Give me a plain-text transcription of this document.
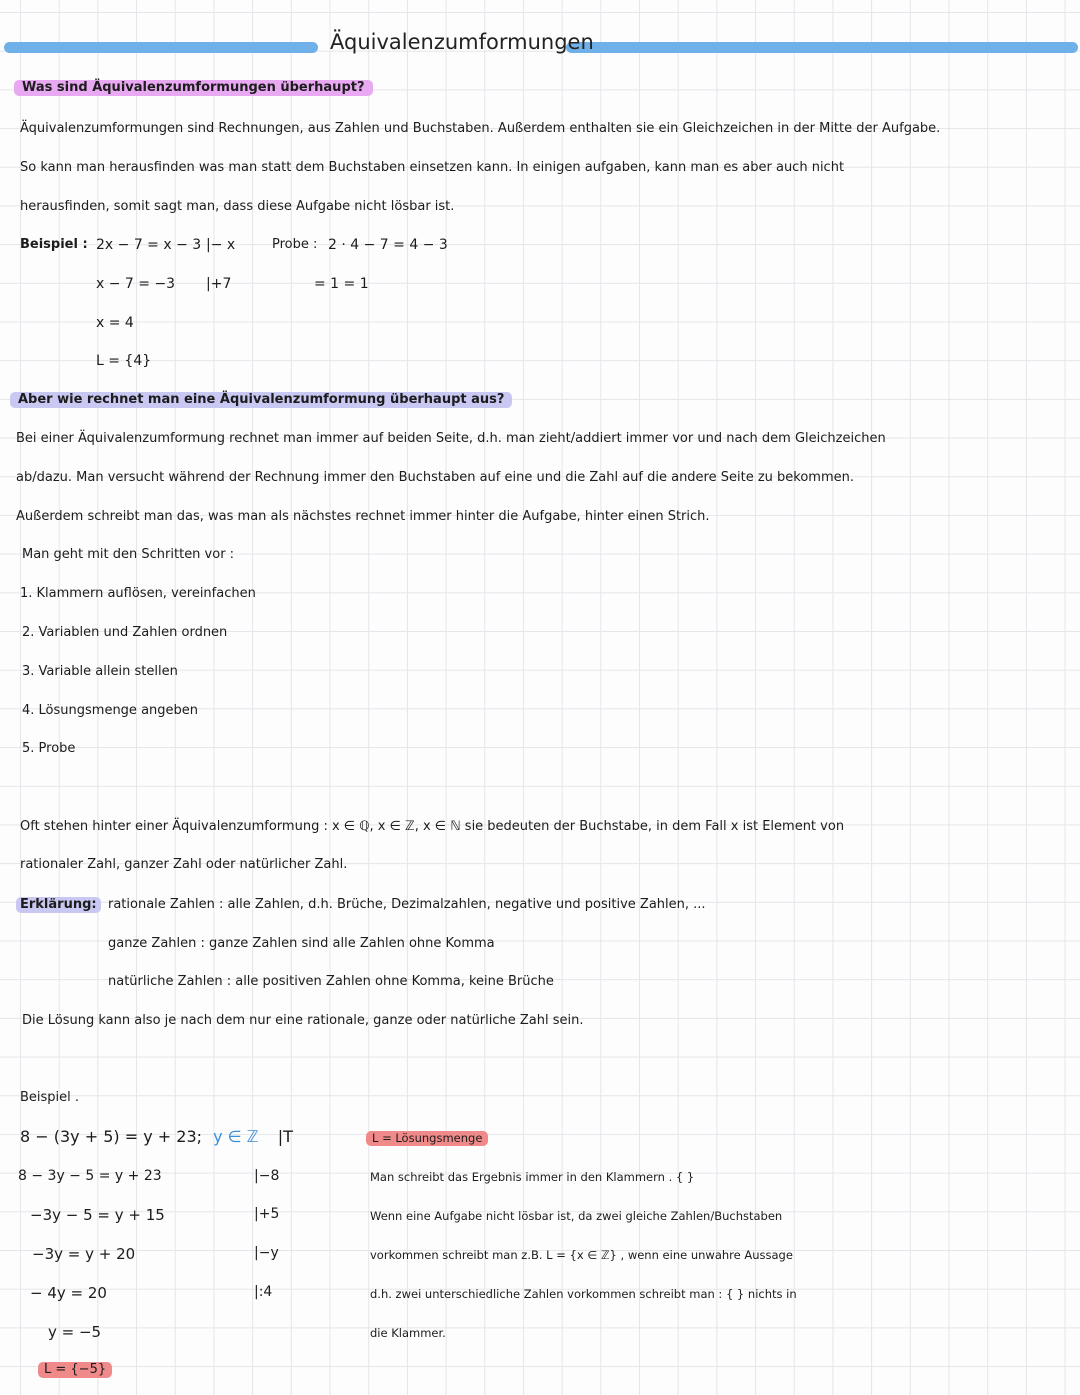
Äquivalenzumformungen
Was sind Äquivalenzumformungen überhaupt?
Äquivalenzumformungen sind Rechnungen, aus Zahlen und Buchstaben. Außerdem enthalten sie ein Gleichzeichen in der Mitte der Aufgabe.
So kann man herausfinden was man statt dem Buchstaben einsetzen kann. In einigen aufgaben, kann man es aber auch nicht
herausfinden, somit sagt man, dass diese Aufgabe nicht lösbar ist.
Beispiel : 2x − 7 = x − 3 |− x	Probe : 2 · 4 − 7 = 4 − 3
x − 7 = −3 |+7	= 1 = 1
x = 4
L = {4}
Aber wie rechnet man eine Äquivalenzumformung überhaupt aus?
Bei einer Äquivalenzumformung rechnet man immer auf beiden Seite, d.h. man zieht/addiert immer vor und nach dem Gleichzeichen
ab/dazu. Man versucht während der Rechnung immer den Buchstaben auf eine und die Zahl auf die andere Seite zu bekommen.
Außerdem schreibt man das, was man als nächstes rechnet immer hinter die Aufgabe, hinter einen Strich.
Man geht mit den Schritten vor :
1. Klammern auflösen, vereinfachen
2. Variablen und Zahlen ordnen
3. Variable allein stellen
4. Lösungsmenge angeben
5. Probe
Oft stehen hinter einer Äquivalenzumformung : x ∈ ℚ, x ∈ ℤ, x ∈ ℕ sie bedeuten der Buchstabe, in dem Fall x ist Element von
rationaler Zahl, ganzer Zahl oder natürlicher Zahl.
Erklärung: rationale Zahlen : alle Zahlen, d.h. Brüche, Dezimalzahlen, negative und positive Zahlen, ...
ganze Zahlen : ganze Zahlen sind alle Zahlen ohne Komma
natürliche Zahlen : alle positiven Zahlen ohne Komma, keine Brüche
Die Lösung kann also je nach dem nur eine rationale, ganze oder natürliche Zahl sein.
Beispiel .
8 − (3y + 5) = y + 23; y ∈ ℤ |T
8 − 3y − 5 = y + 23	|−8
−3y − 5 = y + 15	|+5
−3y = y + 20	|−y
− 4y = 20	|:4
y = −5
L = {−5}
L = Lösungsmenge
Man schreibt das Ergebnis immer in den Klammern . { }
Wenn eine Aufgabe nicht lösbar ist, da zwei gleiche Zahlen/Buchstaben
vorkommen schreibt man z.B. L = {x ∈ ℤ} , wenn eine unwahre Aussage
d.h. zwei unterschiedliche Zahlen vorkommen schreibt man : { } nichts in
die Klammer.
